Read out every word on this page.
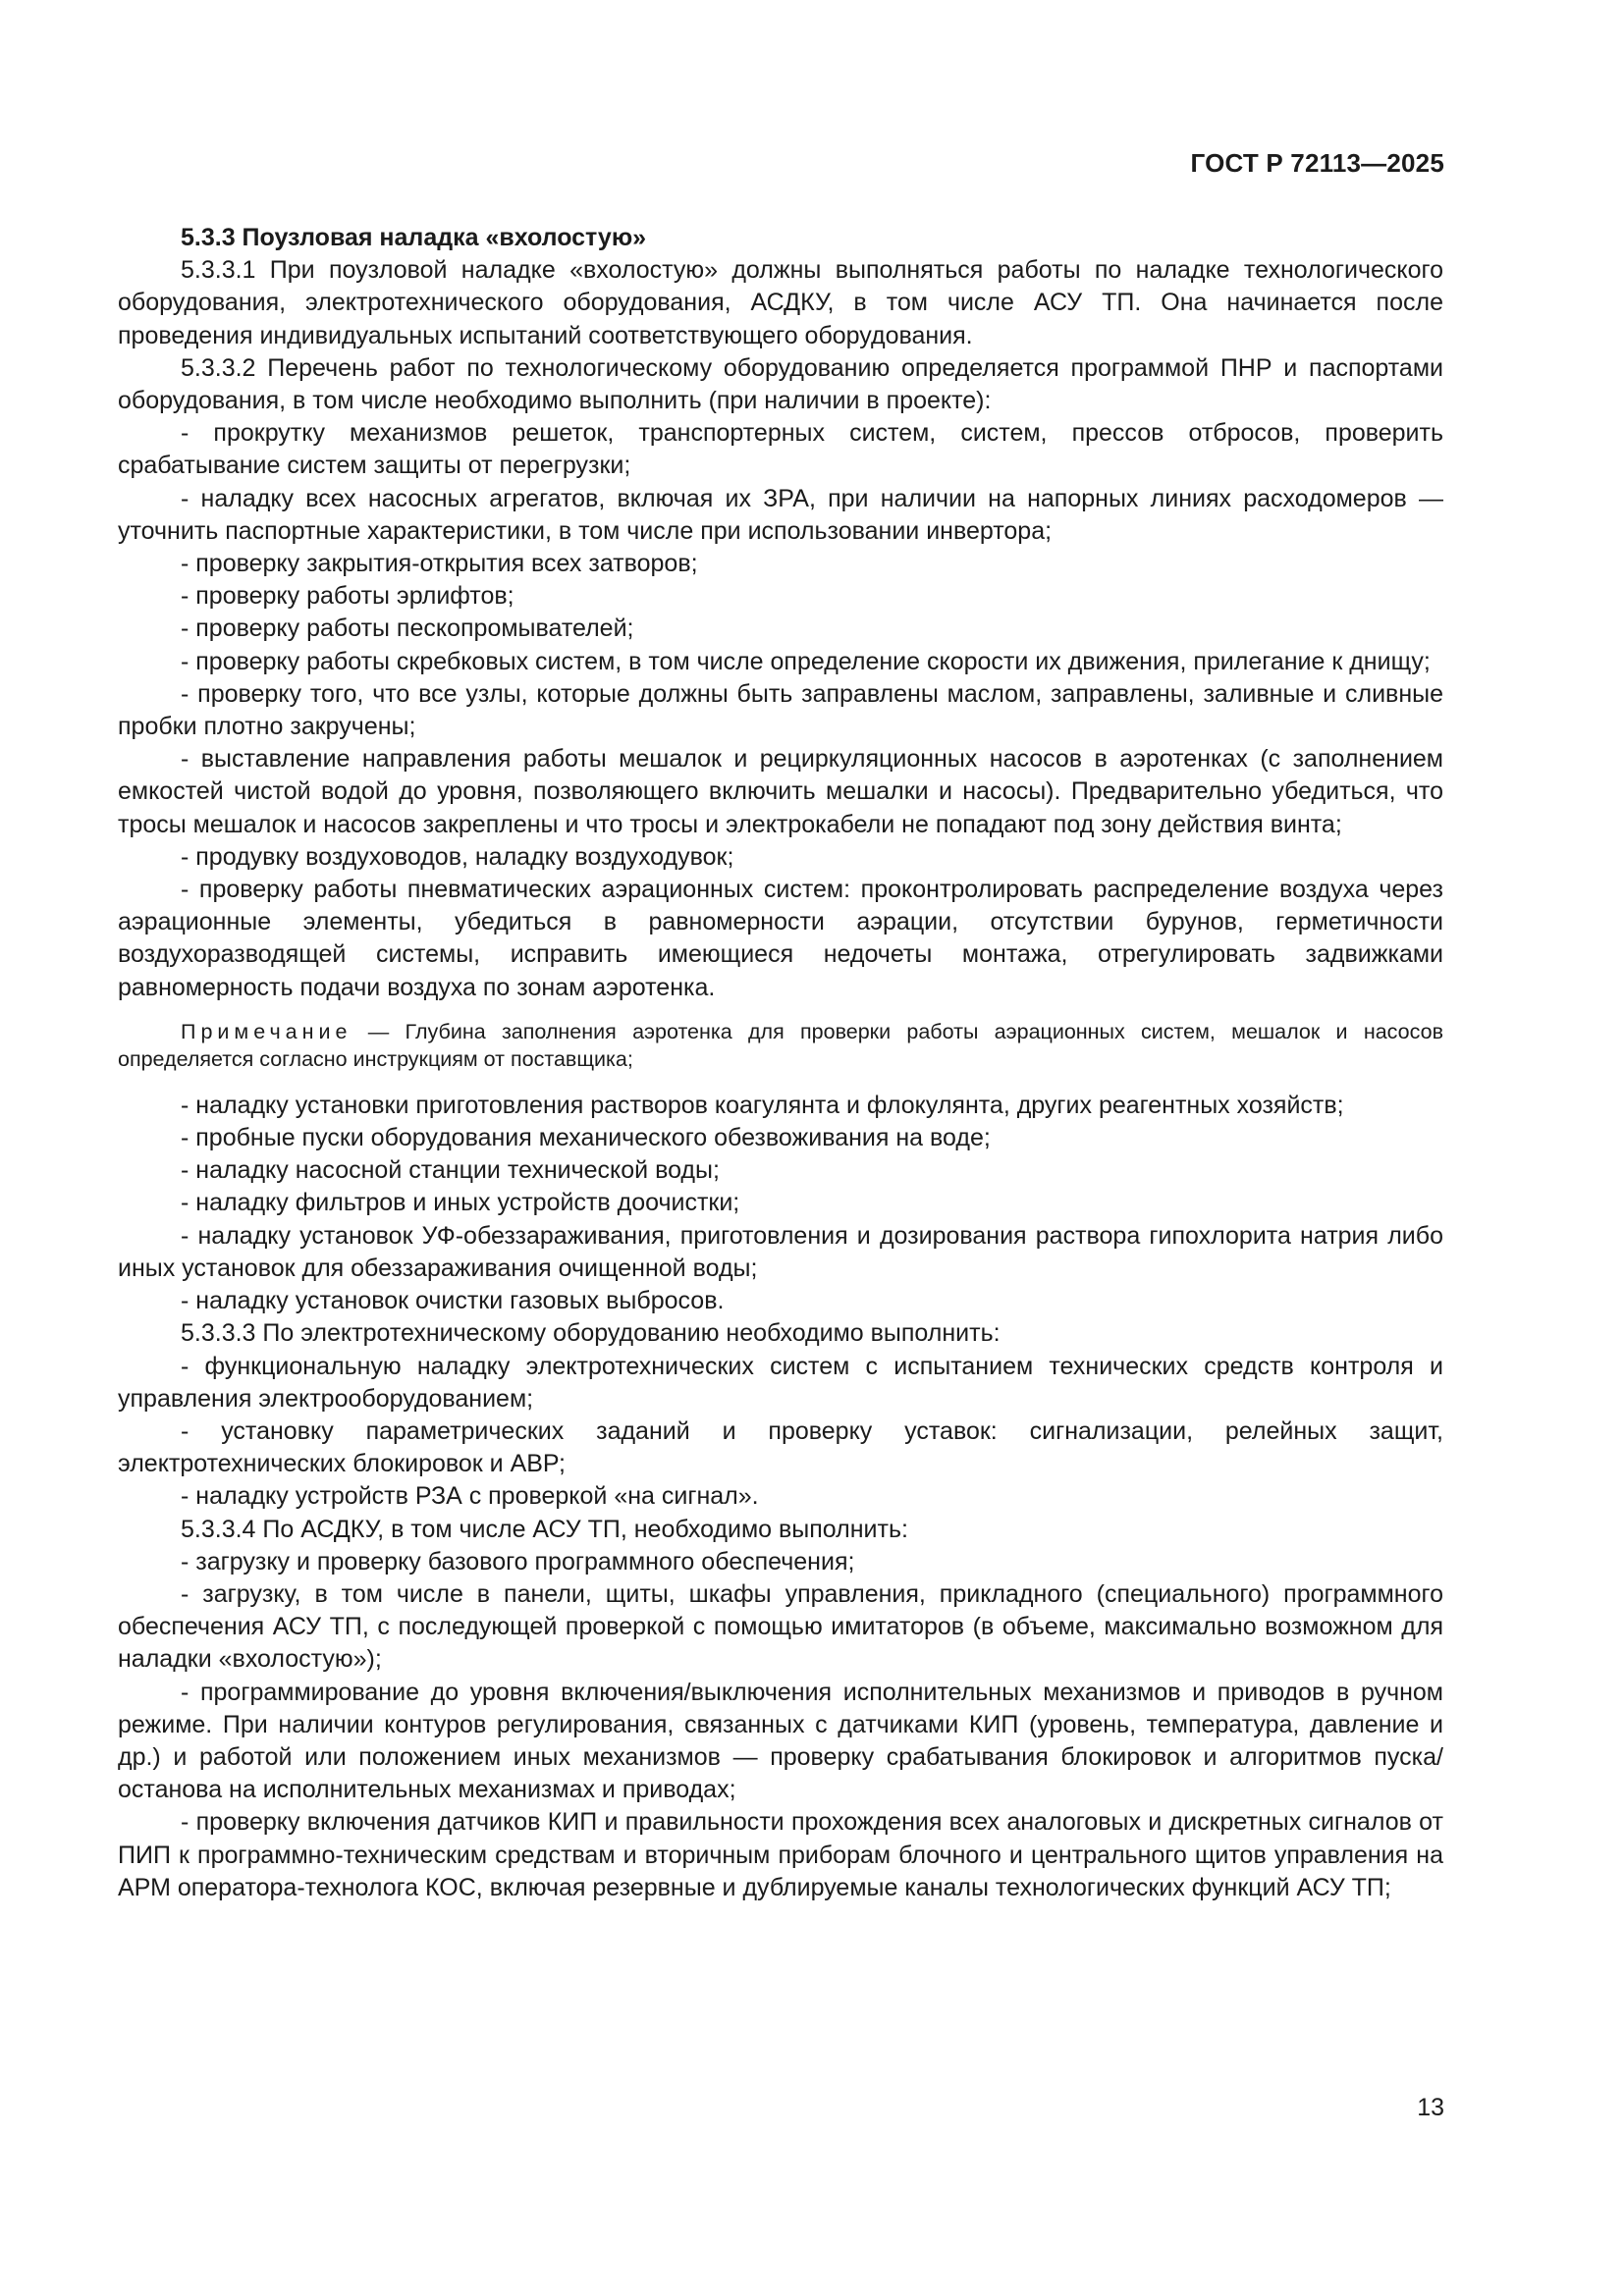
ГОСТ Р 72113—2025

5.3.3 Поузловая наладка «вхолостую»

5.3.3.1 При поузловой наладке «вхолостую» должны выполняться работы по наладке технологического оборудования, электротехнического оборудования, АСДКУ, в том числе АСУ ТП. Она начинается после проведения индивидуальных испытаний соответствующего оборудования.

5.3.3.2 Перечень работ по технологическому оборудованию определяется программой ПНР и паспортами оборудования, в том числе необходимо выполнить (при наличии в проекте):

- прокрутку механизмов решеток, транспортерных систем, систем, прессов отбросов, проверить срабатывание систем защиты от перегрузки;

- наладку всех насосных агрегатов, включая их ЗРА, при наличии на напорных линиях расходомеров — уточнить паспортные характеристики, в том числе при использовании инвертора;

- проверку закрытия-открытия всех затворов;

- проверку работы эрлифтов;

- проверку работы пескопромывателей;

- проверку работы скребковых систем, в том числе определение скорости их движения, прилегание к днищу;

- проверку того, что все узлы, которые должны быть заправлены маслом, заправлены, заливные и сливные пробки плотно закручены;

- выставление направления работы мешалок и рециркуляционных насосов в аэротенках (с заполнением емкостей чистой водой до уровня, позволяющего включить мешалки и насосы). Предварительно убедиться, что тросы мешалок и насосов закреплены и что тросы и электрокабели не попадают под зону действия винта;

- продувку воздуховодов, наладку воздуходувок;

- проверку работы пневматических аэрационных систем: проконтролировать распределение воздуха через аэрационные элементы, убедиться в равномерности аэрации, отсутствии бурунов, герметичности воздухоразводящей системы, исправить имеющиеся недочеты монтажа, отрегулировать задвижками равномерность подачи воздуха по зонам аэротенка.

Примечание — Глубина заполнения аэротенка для проверки работы аэрационных систем, мешалок и насосов определяется согласно инструкциям от поставщика;

- наладку установки приготовления растворов коагулянта и флокулянта, других реагентных хозяйств;

- пробные пуски оборудования механического обезвоживания на воде;

- наладку насосной станции технической воды;

- наладку фильтров и иных устройств доочистки;

- наладку установок УФ-обеззараживания, приготовления и дозирования раствора гипохлорита натрия либо иных установок для обеззараживания очищенной воды;

- наладку установок очистки газовых выбросов.

5.3.3.3 По электротехническому оборудованию необходимо выполнить:

- функциональную наладку электротехнических систем с испытанием технических средств контроля и управления электрооборудованием;

- установку параметрических заданий и проверку уставок: сигнализации, релейных защит, электротехнических блокировок и АВР;

- наладку устройств РЗА с проверкой «на сигнал».

5.3.3.4 По АСДКУ, в том числе АСУ ТП, необходимо выполнить:

- загрузку и проверку базового программного обеспечения;

- загрузку, в том числе в панели, щиты, шкафы управления, прикладного (специального) программного обеспечения АСУ ТП, с последующей проверкой с помощью имитаторов (в объеме, максимально возможном для наладки «вхолостую»);

- программирование до уровня включения/выключения исполнительных механизмов и приводов в ручном режиме. При наличии контуров регулирования, связанных с датчиками КИП (уровень, температура, давление и др.) и работой или положением иных механизмов — проверку срабатывания блокировок и алгоритмов пуска/останова на исполнительных механизмах и приводах;

- проверку включения датчиков КИП и правильности прохождения всех аналоговых и дискретных сигналов от ПИП к программно-техническим средствам и вторичным приборам блочного и центрального щитов управления на АРМ оператора-технолога КОС, включая резервные и дублируемые каналы технологических функций АСУ ТП;

13
